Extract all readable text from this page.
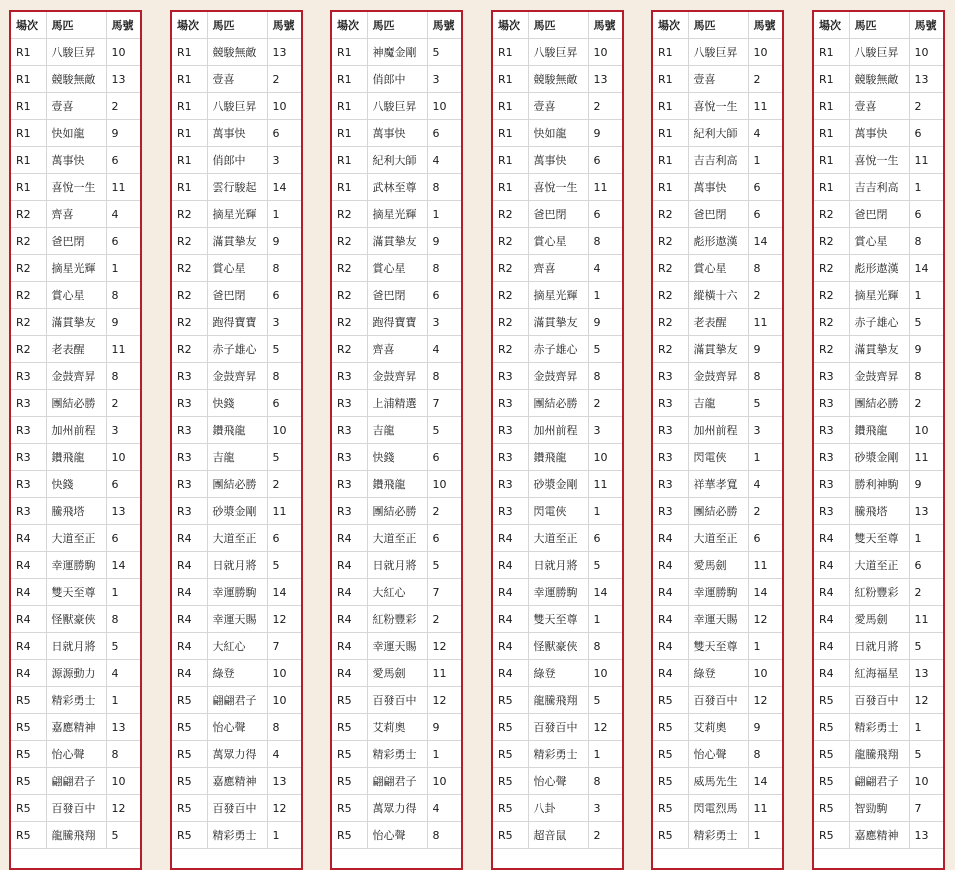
場次	馬匹	馬號
R1	八駿巨昇	10
R1	競駿無敵	13
R1	壹喜	2
R1	快如龍	9
R1	萬事快	6
R1	喜悅一生	11
R2	齊喜	4
R2	爸巴閉	6
R2	摘星光輝	1
R2	賞心星	8
R2	滿貫摯友	9
R2	老表醒	11
R3	金鼓齊昇	8
R3	團結必勝	2
R3	加州前程	3
R3	鑽飛龍	10
R3	快錢	6
R3	騰飛塔	13
R4	大道至正	6
R4	幸運勝駒	14
R4	雙天至尊	1
R4	怪獸豪俠	8
R4	日就月將	5
R4	源源動力	4
R5	精彩勇士	1
R5	嘉應精神	13
R5	怡心聲	8
R5	翩翩君子	10
R5	百發百中	12
R5	龍騰飛翔	5
場次	馬匹	馬號
R1	競駿無敵	13
R1	壹喜	2
R1	八駿巨昇	10
R1	萬事快	6
R1	俏郎中	3
R1	雲行駿起	14
R2	摘星光輝	1
R2	滿貫摯友	9
R2	賞心星	8
R2	爸巴閉	6
R2	跑得寶寶	3
R2	赤子雄心	5
R3	金鼓齊昇	8
R3	快錢	6
R3	鑽飛龍	10
R3	吉龍	5
R3	團結必勝	2
R3	砂漿金剛	11
R4	大道至正	6
R4	日就月將	5
R4	幸運勝駒	14
R4	幸運天賜	12
R4	大紅心	7
R4	綠登	10
R5	翩翩君子	10
R5	怡心聲	8
R5	萬眾力得	4
R5	嘉應精神	13
R5	百發百中	12
R5	精彩勇士	1
場次	馬匹	馬號
R1	神魔金剛	5
R1	俏郎中	3
R1	八駿巨昇	10
R1	萬事快	6
R1	紀利大師	4
R1	武林至尊	8
R2	摘星光輝	1
R2	滿貫摯友	9
R2	賞心星	8
R2	爸巴閉	6
R2	跑得寶寶	3
R2	齊喜	4
R3	金鼓齊昇	8
R3	上浦精選	7
R3	吉龍	5
R3	快錢	6
R3	鑽飛龍	10
R3	團結必勝	2
R4	大道至正	6
R4	日就月將	5
R4	大紅心	7
R4	紅粉豐彩	2
R4	幸運天賜	12
R4	愛馬劍	11
R5	百發百中	12
R5	艾莉奧	9
R5	精彩勇士	1
R5	翩翩君子	10
R5	萬眾力得	4
R5	怡心聲	8
場次	馬匹	馬號
R1	八駿巨昇	10
R1	競駿無敵	13
R1	壹喜	2
R1	快如龍	9
R1	萬事快	6
R1	喜悅一生	11
R2	爸巴閉	6
R2	賞心星	8
R2	齊喜	4
R2	摘星光輝	1
R2	滿貫摯友	9
R2	赤子雄心	5
R3	金鼓齊昇	8
R3	團結必勝	2
R3	加州前程	3
R3	鑽飛龍	10
R3	砂漿金剛	11
R3	閃電俠	1
R4	大道至正	6
R4	日就月將	5
R4	幸運勝駒	14
R4	雙天至尊	1
R4	怪獸豪俠	8
R4	綠登	10
R5	龍騰飛翔	5
R5	百發百中	12
R5	精彩勇士	1
R5	怡心聲	8
R5	八卦	3
R5	超音鼠	2
場次	馬匹	馬號
R1	八駿巨昇	10
R1	壹喜	2
R1	喜悅一生	11
R1	紀利大師	4
R1	吉吉利高	1
R1	萬事快	6
R2	爸巴閉	6
R2	彪形遨漢	14
R2	賞心星	8
R2	縱橫十六	2
R2	老表醒	11
R2	滿貫摯友	9
R3	金鼓齊昇	8
R3	吉龍	5
R3	加州前程	3
R3	閃電俠	1
R3	祥華孝寬	4
R3	團結必勝	2
R4	大道至正	6
R4	愛馬劍	11
R4	幸運勝駒	14
R4	幸運天賜	12
R4	雙天至尊	1
R4	綠登	10
R5	百發百中	12
R5	艾莉奧	9
R5	怡心聲	8
R5	威馬先生	14
R5	閃電烈馬	11
R5	精彩勇士	1
場次	馬匹	馬號
R1	八駿巨昇	10
R1	競駿無敵	13
R1	壹喜	2
R1	萬事快	6
R1	喜悅一生	11
R1	吉吉利高	1
R2	爸巴閉	6
R2	賞心星	8
R2	彪形遨漢	14
R2	摘星光輝	1
R2	赤子雄心	5
R2	滿貫摯友	9
R3	金鼓齊昇	8
R3	團結必勝	2
R3	鑽飛龍	10
R3	砂漿金剛	11
R3	勝利神駒	9
R3	騰飛塔	13
R4	雙天至尊	1
R4	大道至正	6
R4	紅粉豐彩	2
R4	愛馬劍	11
R4	日就月將	5
R4	紅海福星	13
R5	百發百中	12
R5	精彩勇士	1
R5	龍騰飛翔	5
R5	翩翩君子	10
R5	智勁駒	7
R5	嘉應精神	13
